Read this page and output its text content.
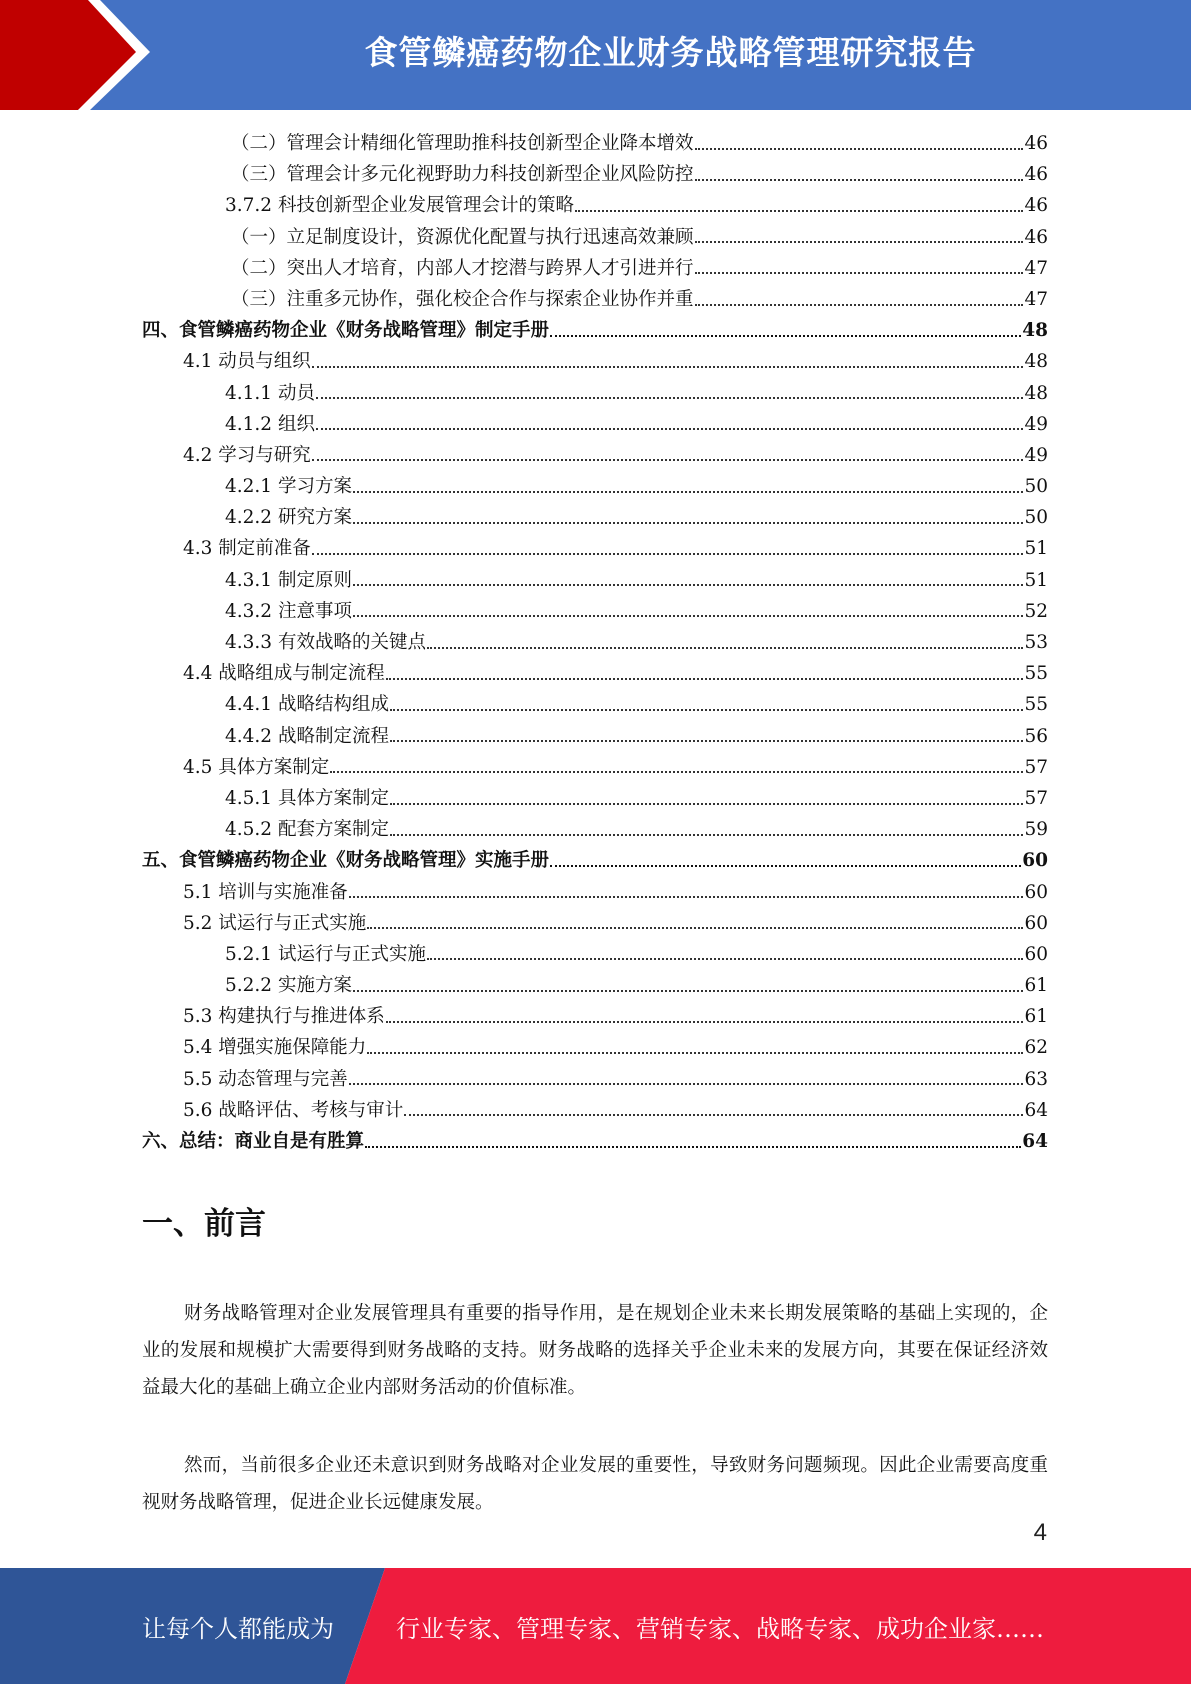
食管鳞癌药物企业财务战略管理研究报告
（二）管理会计精细化管理助推科技创新型企业降本增效	46
（三）管理会计多元化视野助力科技创新型企业风险防控	46
3.7.2 科技创新型企业发展管理会计的策略	46
（一）立足制度设计，资源优化配置与执行迅速高效兼顾	46
（二）突出人才培育，内部人才挖潜与跨界人才引进并行	47
（三）注重多元协作，强化校企合作与探索企业协作并重	47
四、食管鳞癌药物企业《财务战略管理》制定手册	48
4.1 动员与组织	48
4.1.1 动员	48
4.1.2 组织	49
4.2 学习与研究	49
4.2.1 学习方案	50
4.2.2 研究方案	50
4.3 制定前准备	51
4.3.1 制定原则	51
4.3.2 注意事项	52
4.3.3 有效战略的关键点	53
4.4 战略组成与制定流程	55
4.4.1 战略结构组成	55
4.4.2 战略制定流程	56
4.5 具体方案制定	57
4.5.1 具体方案制定	57
4.5.2 配套方案制定	59
五、食管鳞癌药物企业《财务战略管理》实施手册	60
5.1 培训与实施准备	60
5.2 试运行与正式实施	60
5.2.1 试运行与正式实施	60
5.2.2 实施方案	61
5.3 构建执行与推进体系	61
5.4 增强实施保障能力	62
5.5 动态管理与完善	63
5.6 战略评估、考核与审计	64
六、总结：商业自是有胜算	64
一、前言
财务战略管理对企业发展管理具有重要的指导作用，是在规划企业未来长期发展策略的基础上实现的，企业的发展和规模扩大需要得到财务战略的支持。财务战略的选择关乎企业未来的发展方向，其要在保证经济效益最大化的基础上确立企业内部财务活动的价值标准。
然而，当前很多企业还未意识到财务战略对企业发展的重要性，导致财务问题频现。因此企业需要高度重视财务战略管理，促进企业长远健康发展。
4
让每个人都能成为	行业专家、管理专家、营销专家、战略专家、成功企业家……
